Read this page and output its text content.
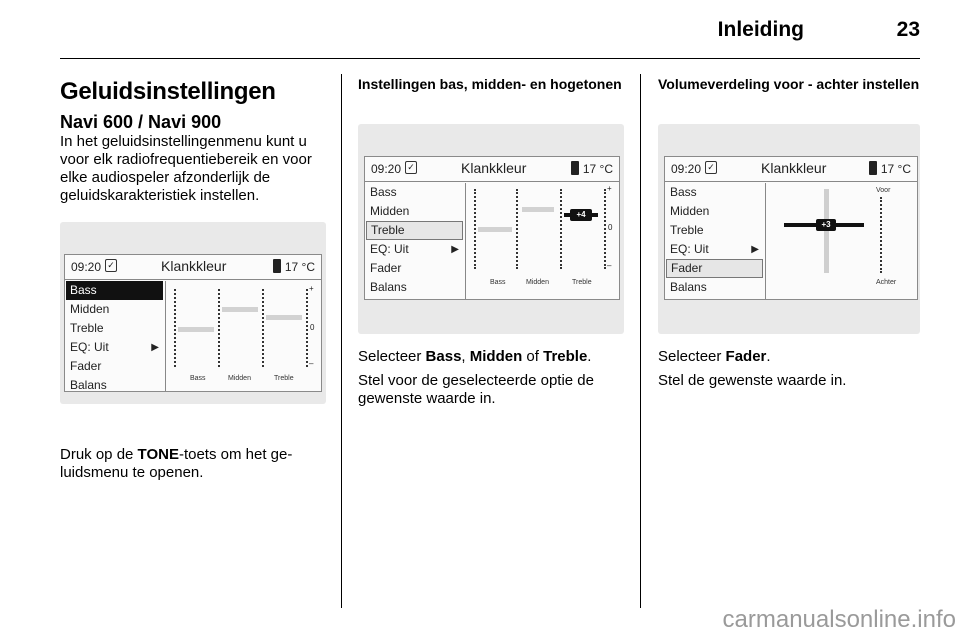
Inleiding	23
Geluidsinstellingen
Navi 600 / Navi 900

In het geluidsinstellingenmenu kunt u voor elk radiofrequentiebereik en voor elke audiospeler afzonderlijk de geluidskarakteristiek instellen.

09:20 ✓	Klankkleur	17 °C
Bass
Midden
Treble
EQ: Uit	▶
Fader
Balans
+
0
–
Bass	Midden	Treble

Druk op de TONE-toets om het geluidsmenu te openen.

Instellingen bas, midden- en hogetonen
09:20 ✓	Klankkleur	17 °C
Bass
Midden
Treble
EQ: Uit	▶
Fader
Balans
+4
+
0
–
Bass	Midden	Treble

Selecteer Bass, Midden of Treble.

Stel voor de geselecteerde optie de gewenste waarde in.

Volumeverdeling voor - achter instellen
09:20 ✓	Klankkleur	17 °C
Bass
Midden
Treble
EQ: Uit	▶
Fader
Balans
+3
Voor
Achter

Selecteer Fader.

Stel de gewenste waarde in.

carmanualsonline.info
